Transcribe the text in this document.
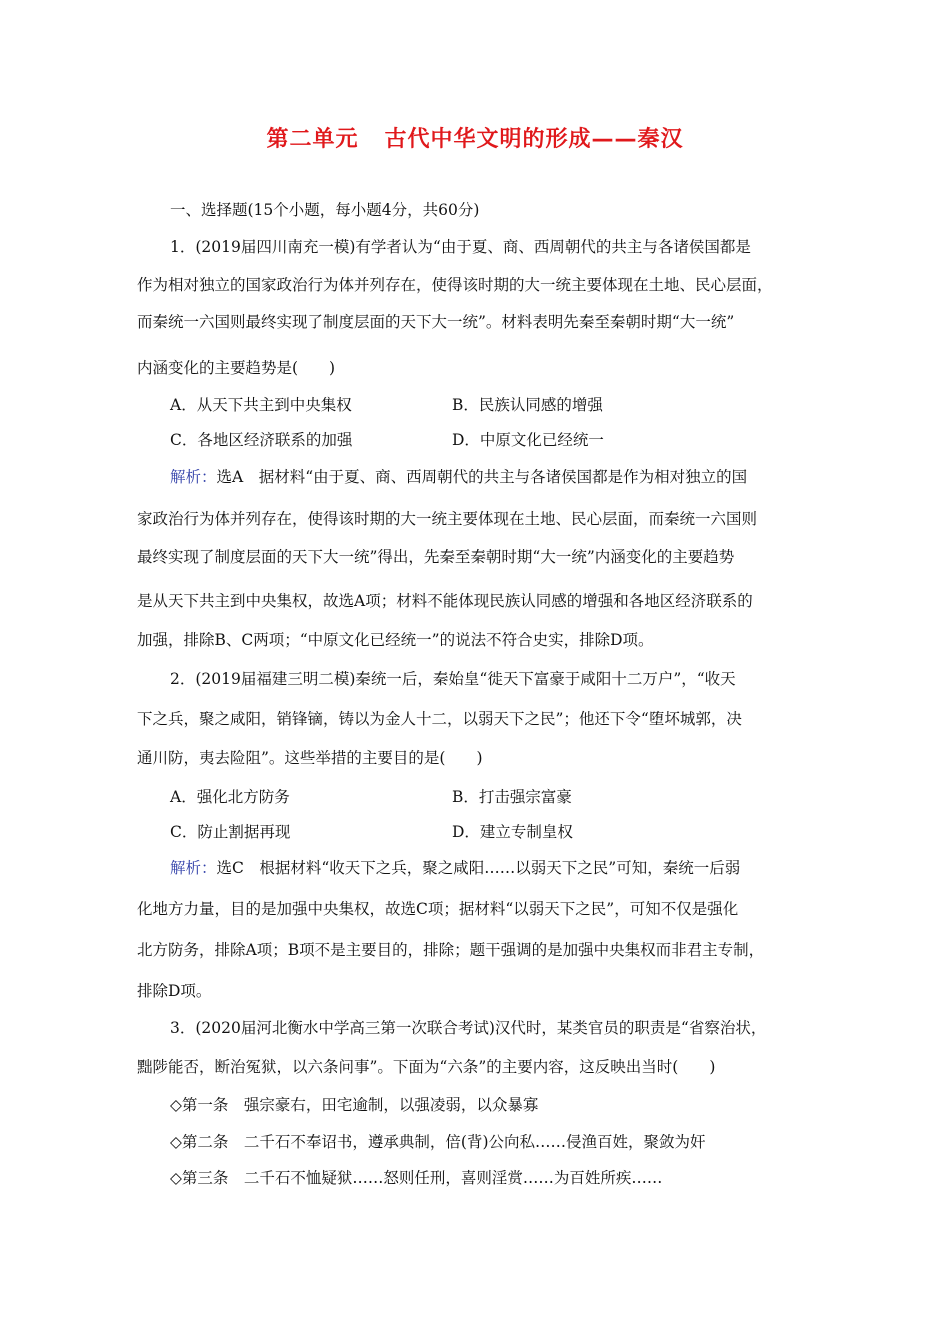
第二单元 古代中华文明的形成——秦汉
一、选择题(15个小题，每小题4分，共60分)
1．(2019届四川南充一模)有学者认为“由于夏、商、西周朝代的共主与各诸侯国都是
作为相对独立的国家政治行为体并列存在，使得该时期的大一统主要体现在土地、民心层面，
而秦统一六国则最终实现了制度层面的天下大一统”。材料表明先秦至秦朝时期“大一统”
内涵变化的主要趋势是(　　)
A．从天下共主到中央集权	B．民族认同感的增强
C．各地区经济联系的加强	D．中原文化已经统一
解析：选A　据材料“由于夏、商、西周朝代的共主与各诸侯国都是作为相对独立的国
家政治行为体并列存在，使得该时期的大一统主要体现在土地、民心层面，而秦统一六国则
最终实现了制度层面的天下大一统”得出，先秦至秦朝时期“大一统”内涵变化的主要趋势
是从天下共主到中央集权，故选A项；材料不能体现民族认同感的增强和各地区经济联系的
加强，排除B、C两项；“中原文化已经统一”的说法不符合史实，排除D项。
2．(2019届福建三明二模)秦统一后，秦始皇“徙天下富豪于咸阳十二万户”，“收天
下之兵，聚之咸阳，销锋镝，铸以为金人十二，以弱天下之民”；他还下令“堕坏城郭，决
通川防，夷去险阻”。这些举措的主要目的是(　　)
A．强化北方防务	B．打击强宗富豪
C．防止割据再现	D．建立专制皇权
解析：选C　根据材料“收天下之兵，聚之咸阳……以弱天下之民”可知，秦统一后弱
化地方力量，目的是加强中央集权，故选C项；据材料“以弱天下之民”，可知不仅是强化
北方防务，排除A项；B项不是主要目的，排除；题干强调的是加强中央集权而非君主专制，
排除D项。
3．(2020届河北衡水中学高三第一次联合考试)汉代时，某类官员的职责是“省察治状，
黜陟能否，断治冤狱，以六条问事”。下面为“六条”的主要内容，这反映出当时(　　)
◇第一条　强宗豪右，田宅逾制，以强凌弱，以众暴寡
◇第二条　二千石不奉诏书，遵承典制，倍(背)公向私……侵渔百姓，聚敛为奸
◇第三条　二千石不恤疑狱……怒则任刑，喜则淫赏……为百姓所疾……
